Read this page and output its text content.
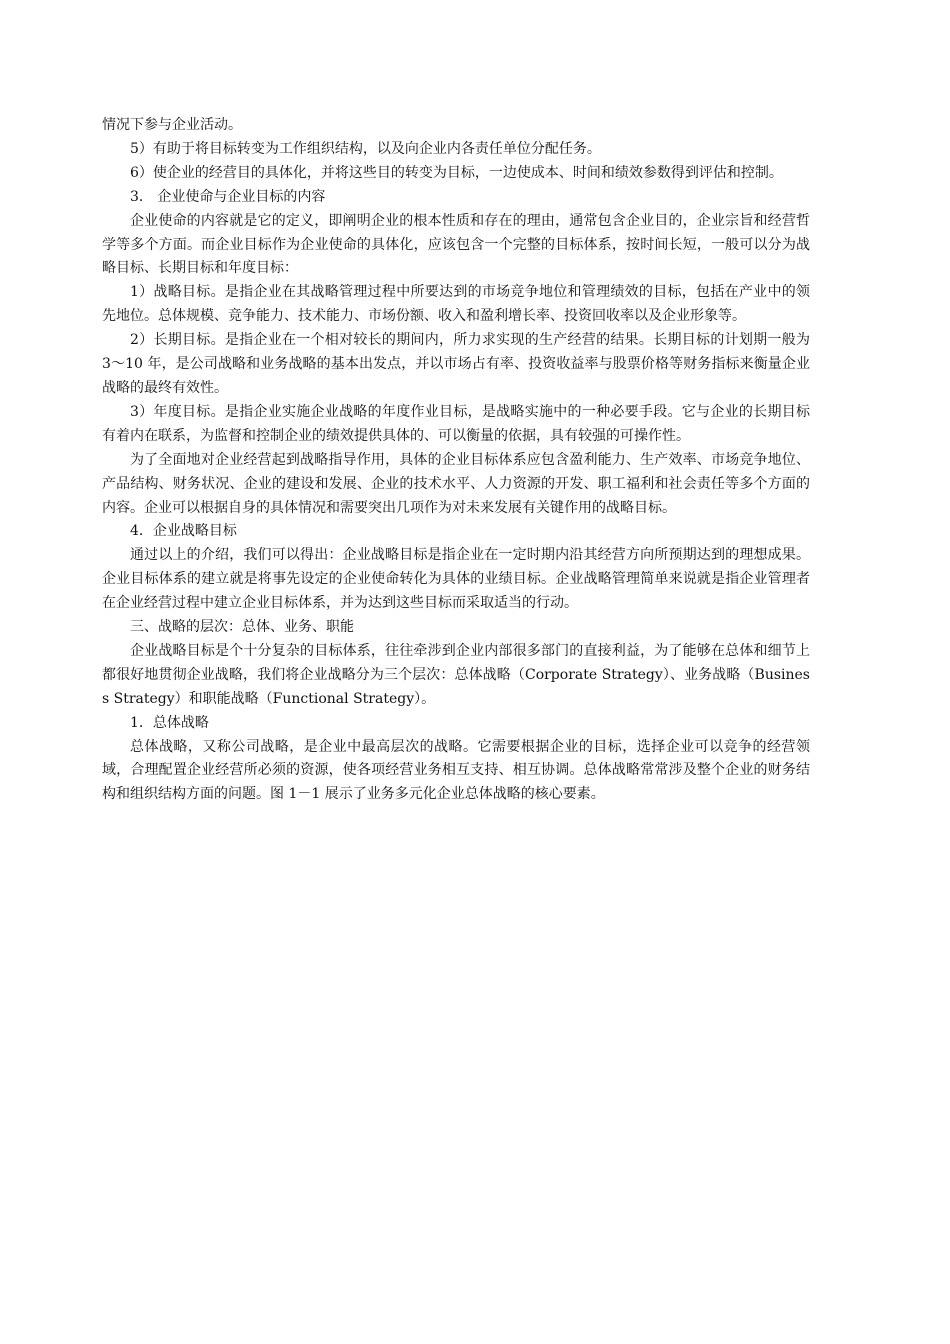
情况下参与企业活动。

5）有助于将目标转变为工作组织结构，以及向企业内各责任单位分配任务。

6）使企业的经营目的具体化，并将这些目的转变为目标，一边使成本、时间和绩效参数得到评估和控制。

3． 企业使命与企业目标的内容

企业使命的内容就是它的定义，即阐明企业的根本性质和存在的理由，通常包含企业目的，企业宗旨和经营哲学等多个方面。而企业目标作为企业使命的具体化，应该包含一个完整的目标体系，按时间长短，一般可以分为战略目标、长期目标和年度目标：

1）战略目标。是指企业在其战略管理过程中所要达到的市场竞争地位和管理绩效的目标，包括在产业中的领先地位。总体规模、竞争能力、技术能力、市场份额、收入和盈利增长率、投资回收率以及企业形象等。

2）长期目标。是指企业在一个相对较长的期间内，所力求实现的生产经营的结果。长期目标的计划期一般为 3～10 年，是公司战略和业务战略的基本出发点，并以市场占有率、投资收益率与股票价格等财务指标来衡量企业战略的最终有效性。

3）年度目标。是指企业实施企业战略的年度作业目标，是战略实施中的一种必要手段。它与企业的长期目标有着内在联系，为监督和控制企业的绩效提供具体的、可以衡量的依据，具有较强的可操作性。

为了全面地对企业经营起到战略指导作用，具体的企业目标体系应包含盈利能力、生产效率、市场竞争地位、产品结构、财务状况、企业的建设和发展、企业的技术水平、人力资源的开发、职工福利和社会责任等多个方面的内容。企业可以根据自身的具体情况和需要突出几项作为对未来发展有关键作用的战略目标。

4．企业战略目标

通过以上的介绍，我们可以得出：企业战略目标是指企业在一定时期内沿其经营方向所预期达到的理想成果。企业目标体系的建立就是将事先设定的企业使命转化为具体的业绩目标。企业战略管理简单来说就是指企业管理者在企业经营过程中建立企业目标体系，并为达到这些目标而采取适当的行动。

三、战略的层次：总体、业务、职能

企业战略目标是个十分复杂的目标体系，往往牵涉到企业内部很多部门的直接利益，为了能够在总体和细节上都很好地贯彻企业战略，我们将企业战略分为三个层次：总体战略（Corporate Strategy）、业务战略（Business Strategy）和职能战略（Functional Strategy）。

1．总体战略

总体战略，又称公司战略，是企业中最高层次的战略。它需要根据企业的目标，选择企业可以竞争的经营领域，合理配置企业经营所必须的资源，使各项经营业务相互支持、相互协调。总体战略常常涉及整个企业的财务结构和组织结构方面的问题。图 1－1 展示了业务多元化企业总体战略的核心要素。
